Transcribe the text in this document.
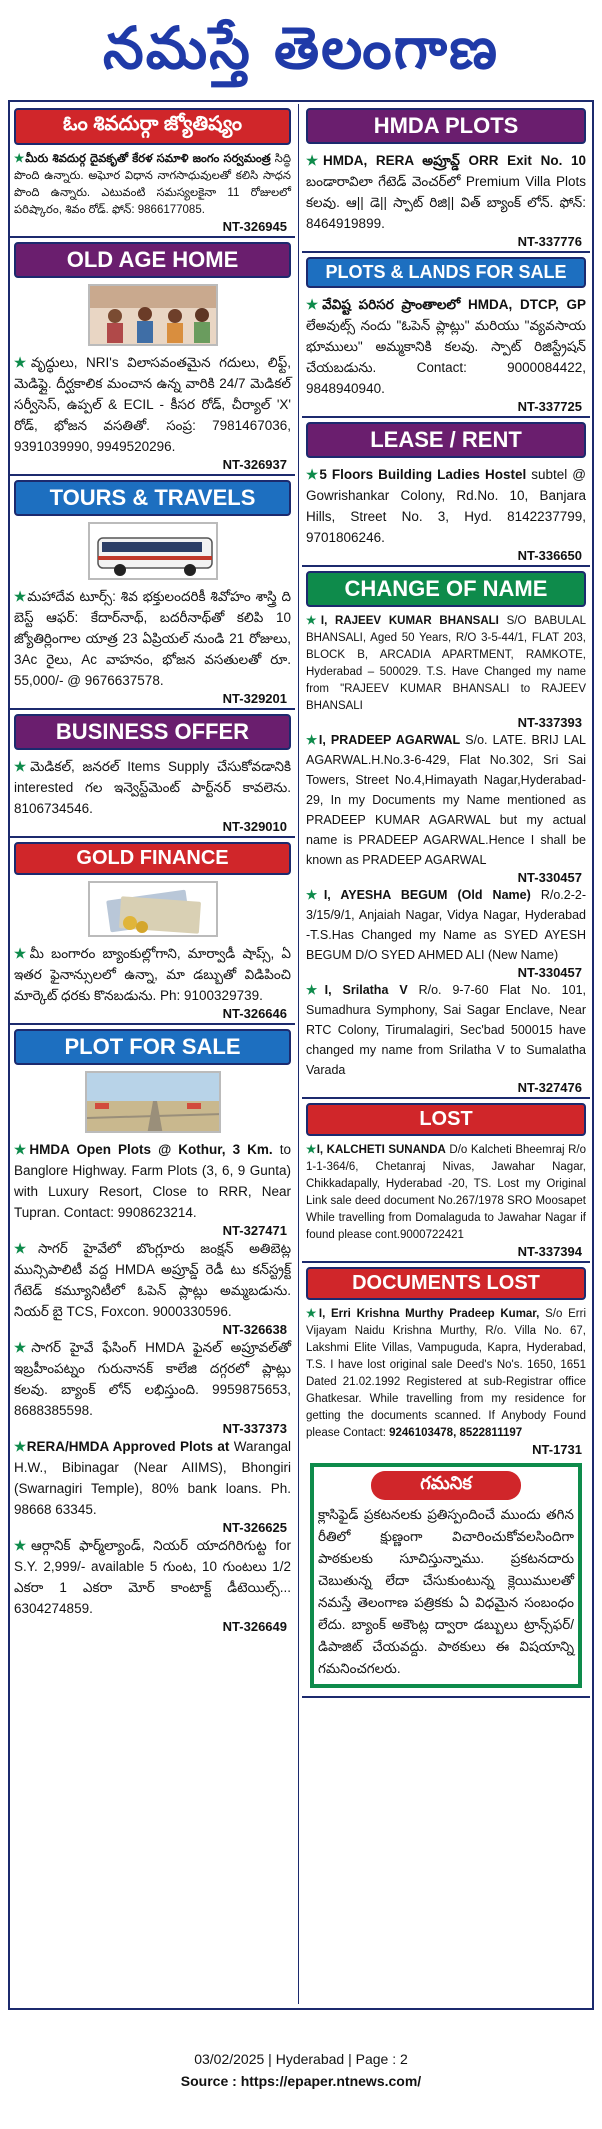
నమస్తే తెలంగాణ
ఓం శివదుర్గా జ్యోతిష్యం
★మీరు శివదుర్గ దైవకృతో కేరళ సమాళి జంగం సర్వమంత్ర సిద్ధి పొంది ఉన్నారు. అఘోర విధాన నాగసాధువులతో కలిసి సాధన పొంది ఉన్నారు. ఎటువంటి సమస్యలకైనా 11 రోజులలో పరిష్కారం, శివం రోడ్. ఫోన్: 9866177085.
NT-326945
OLD AGE HOME
★వృద్ధులు, NRI's విలాసవంతమైన గదులు, లిఫ్ట్, మెడిఫ్లై. దీర్ఘకాలిక మంచాన ఉన్న వారికి 24/7 మెడికల్ సర్వీసెస్, ఉప్పల్ & ECIL - కీసర రోడ్, చీర్యాల్ 'X' రోడ్, భోజన వసతితో. సంప్ర: 7981467036, 9391039990, 9949520296.
NT-326937
TOURS & TRAVELS
★మహాదేవ టూర్స్: శివ భక్తులందరికీ శివోహం శాస్త్రి ది బెస్ట్ ఆఫర్: కేదార్‌నాథ్, బదరీనాథ్‌తో కలిపి 10 జ్యోతిర్లింగాల యాత్ర 23 ఏప్రియల్ నుండి 21 రోజులు, 3Ac రైలు, Ac వాహనం, భోజన వసతులతో రూ. 55,000/- @ 9676637578.
NT-329201
BUSINESS OFFER
★మెడికల్, జనరల్ Items Supply చేసుకోవడానికి interested గల ఇన్వెస్ట్‌మెంట్ పార్ట్‌నర్ కావలెను. 8106734546.
NT-329010
GOLD FINANCE
★మీ బంగారం బ్యాంకుల్లోగాని, మార్వాడీ షాప్స్, ఏ ఇతర ఫైనాన్సులలో ఉన్నా, మా డబ్బుతో విడిపించి మార్కెట్ ధరకు కొనబడును. Ph: 9100329739.
NT-326646
PLOT FOR SALE
★HMDA Open Plots @ Kothur, 3 Km. to Banglore Highway. Farm Plots (3, 6, 9 Gunta) with Luxury Resort, Close to RRR, Near Tupran. Contact: 9908623214.
NT-327471
★సాగర్ హైవేలో బొంగ్లూరు జంక్షన్ అతిబెట్ల మున్సిపాలిటీ వద్ద HMDA అప్రూవ్డ్ రెడీ టు కన్‌స్ట్రక్ట్ గేటెడ్ కమ్యూనిటీలో ఓపెన్ ప్లాట్లు అమ్మబడును. నియర్ బై TCS, Foxcon. 9000330596.
NT-326638
★సాగర్ హైవే ఫేసింగ్ HMDA ఫైనల్ అప్రూవల్‌తో ఇబ్రహీంపట్నం గురునానక్ కాలేజి దగ్గరలో ప్లాట్లు కలవు. బ్యాంక్ లోన్ లభిస్తుంది. 9959875653, 8688385598.
NT-337373
★RERA/HMDA Approved Plots at Warangal H.W., Bibinagar (Near AIIMS), Bhongiri (Swarnagiri Temple), 80% bank loans. Ph. 98668 63345.
NT-326625
★ఆర్గానిక్ ఫార్మ్‌ల్యాండ్, నియర్ యాదగిరిగుట్ట for S.Y. 2,999/- available 5 గుంట, 10 గుంటలు 1/2 ఎకరా 1 ఎకరా మోర్ కాంటాక్ట్ డీటెయిల్స్... 6304274859.
NT-326649
HMDA PLOTS
★HMDA, RERA అప్రూవ్డ్ ORR Exit No. 10 బండారావిలా గేటెడ్ వెంచర్‌లో Premium Villa Plots కలవు. ఆ|| డె|| స్పాట్ రిజి|| విత్ బ్యాంక్ లోన్. ఫోన్: 8464919899.
NT-337776
PLOTS & LANDS FOR SALE
★వేవిష్ట పరిసర ప్రాంతాలలో HMDA, DTCP, GP లేఅవుట్స్ నందు "ఓపెన్ ప్లాట్లు" మరియు "వ్యవసాయ భూములు" అమ్మకానికి కలవు. స్పాట్ రిజిస్ట్రేషన్ చేయబడును. Contact: 9000084422, 9848940940.
NT-337725
LEASE / RENT
★5 Floors Building Ladies Hostel subtel @ Gowrishankar Colony, Rd.No. 10, Banjara Hills, Street No. 3, Hyd. 8142237799, 9701806246.
NT-336650
CHANGE OF NAME
★I, RAJEEV KUMAR BHANSALI S/O BABULAL BHANSALI, Aged 50 Years, R/O 3-5-44/1, FLAT 203, BLOCK B, ARCADIA APARTMENT, RAMKOTE, Hyderabad – 500029. T.S. Have Changed my name from "RAJEEV KUMAR BHANSALI to RAJEEV BHANSALI
NT-337393
★I, PRADEEP AGARWAL S/o. LATE. BRIJ LAL AGARWAL.H.No.3-6-429, Flat No.302, Sri Sai Towers, Street No.4,Himayath Nagar,Hyderabad-29, In my Documents my Name mentioned as PRADEEP KUMAR AGARWAL but my actual name is PRADEEP AGARWAL.Hence I shall be known as PRADEEP AGARWAL
NT-330457
★I, AYESHA BEGUM (Old Name) R/o.2-2-3/15/9/1, Anjaiah Nagar, Vidya Nagar, Hyderabad -T.S.Has Changed my Name as SYED AYESH BEGUM D/O SYED AHMED ALI (New Name)
NT-330457
★I, Srilatha V R/o. 9-7-60 Flat No. 101, Sumadhura Symphony, Sai Sagar Enclave, Near RTC Colony, Tirumalagiri, Sec'bad 500015 have changed my name from Srilatha V to Sumalatha Varada
NT-327476
LOST
★I, KALCHETI SUNANDA D/o Kalcheti Bheemraj R/o 1-1-364/6, Chetanraj Nivas, Jawahar Nagar, Chikkadapally, Hyderabad -20, TS. Lost my Original Link sale deed document No.267/1978 SRO Moosapet While travelling from Domalaguda to Jawahar Nagar if found please cont.9000722421
NT-337394
DOCUMENTS LOST
★I, Erri Krishna Murthy Pradeep Kumar, S/o Erri Vijayam Naidu Krishna Murthy, R/o. Villa No. 67, Lakshmi Elite Villas, Vampuguda, Kapra, Hyderabad, T.S. I have lost original sale Deed's No's. 1650, 1651 Dated 21.02.1992 Registered at sub-Registrar office Ghatkesar. While travelling from my residence for getting the documents scanned. If Anybody Found please Contact: 9246103478, 8522811197
NT-1731
గమనిక
క్లాసిఫైడ్ ప్రకటనలకు ప్రతిస్పందించే ముందు తగిన రీతిలో క్షుణ్ణంగా విచారించుకోవలసిందిగా పాఠకులకు సూచిస్తున్నాము. ప్రకటనదారు చెబుతున్న లేదా చేసుకుంటున్న క్లెయిములతో నమస్తే తెలంగాణ పత్రికకు ఏ విధమైన సంబంధం లేదు. బ్యాంక్ అకౌంట్ల ద్వారా డబ్బులు ట్రాన్స్‌ఫర్/డిపాజిట్ చేయవద్దు. పాఠకులు ఈ విషయాన్ని గమనించగలరు.
03/02/2025 | Hyderabad | Page : 2
Source : https://epaper.ntnews.com/
